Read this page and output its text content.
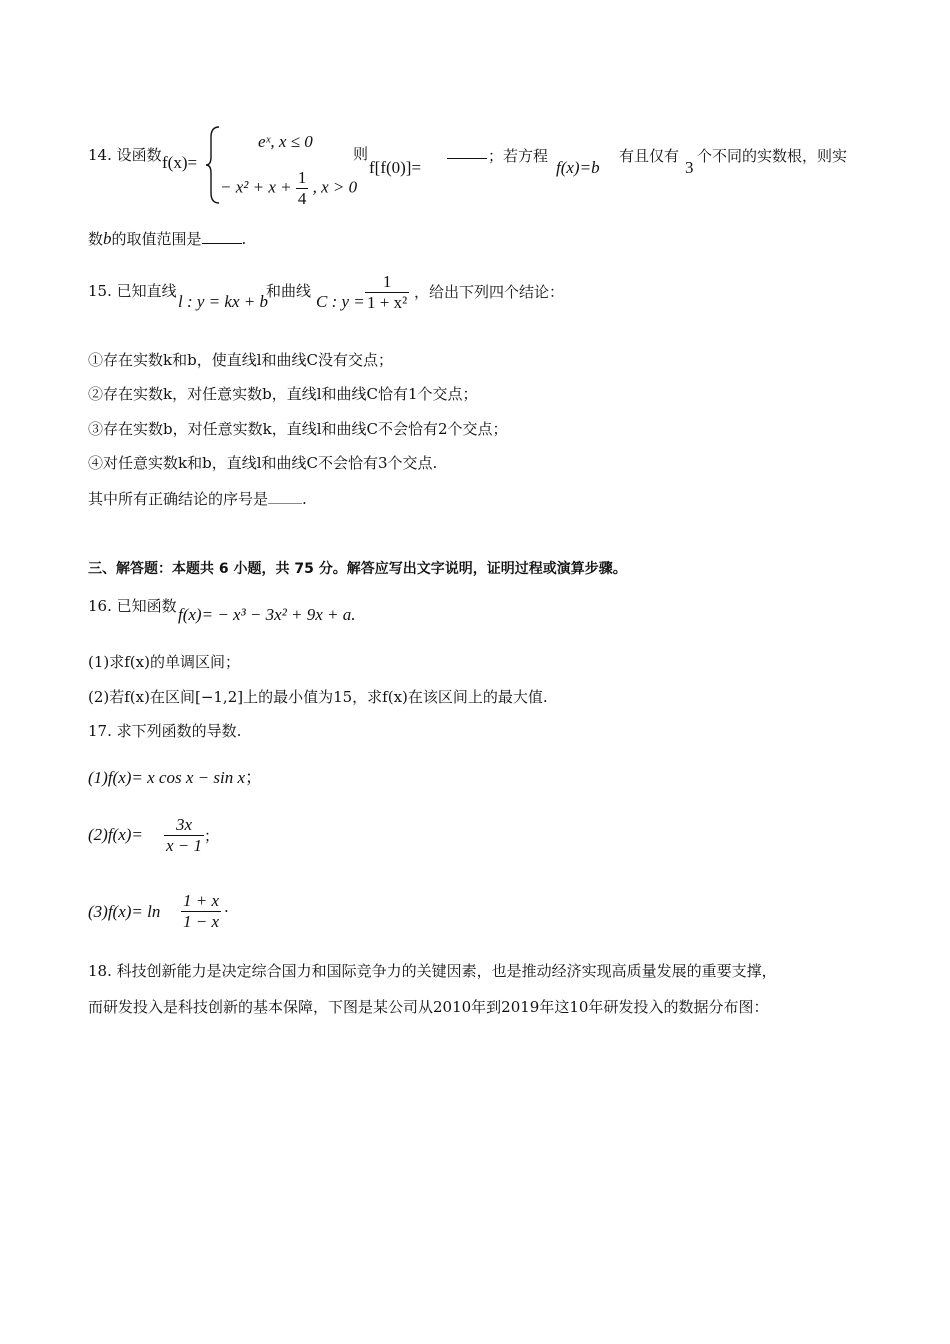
14. 设函数 f(x)=
eˣ, x ≤ 0
− $x^2 + x + \frac{1}{4}$ , x > 0
则
f[f(0)]=
；若方程
f(x)=b
有且仅有
3
个不同的实数根，则实
数b的取值范围是	.
15. 已知直线
l : y = kx + b
和曲线
C : $y = \frac{1}{\text{1 + x²}}$ ，给出下列四个结论：
①存在实数k和b，使直线l和曲线C没有交点；
②存在实数k，对任意实数b，直线l和曲线C恰有1个交点；
③存在实数b，对任意实数k，直线l和曲线C不会恰有2个交点；
④对任意实数k和b，直线l和曲线C不会恰有3个交点.
其中所有正确结论的序号是 .
三、解答题：本题共 6 小题，共 75 分。解答应写出文字说明，证明过程或演算步骤。
16. 已知函数 f(x)= − x³ − 3x² + 9x + a.
(1)求f(x)的单调区间；
(2)若f(x)在区间[−1,2]上的最小值为15，求f(x)在该区间上的最大值.
17. 求下列函数的导数.
(1)f(x)= x cos x − sin x；
$(2)f(x)= \frac{3x}{x - 1}$ ；
$(3)f(x)= \ln \frac{1 + x}{1 - x}$ .
18. 科技创新能力是决定综合国力和国际竞争力的关键因素，也是推动经济实现高质量发展的重要支撑，
而研发投入是科技创新的基本保障，下图是某公司从2010年到2019年这10年研发投入的数据分布图：
